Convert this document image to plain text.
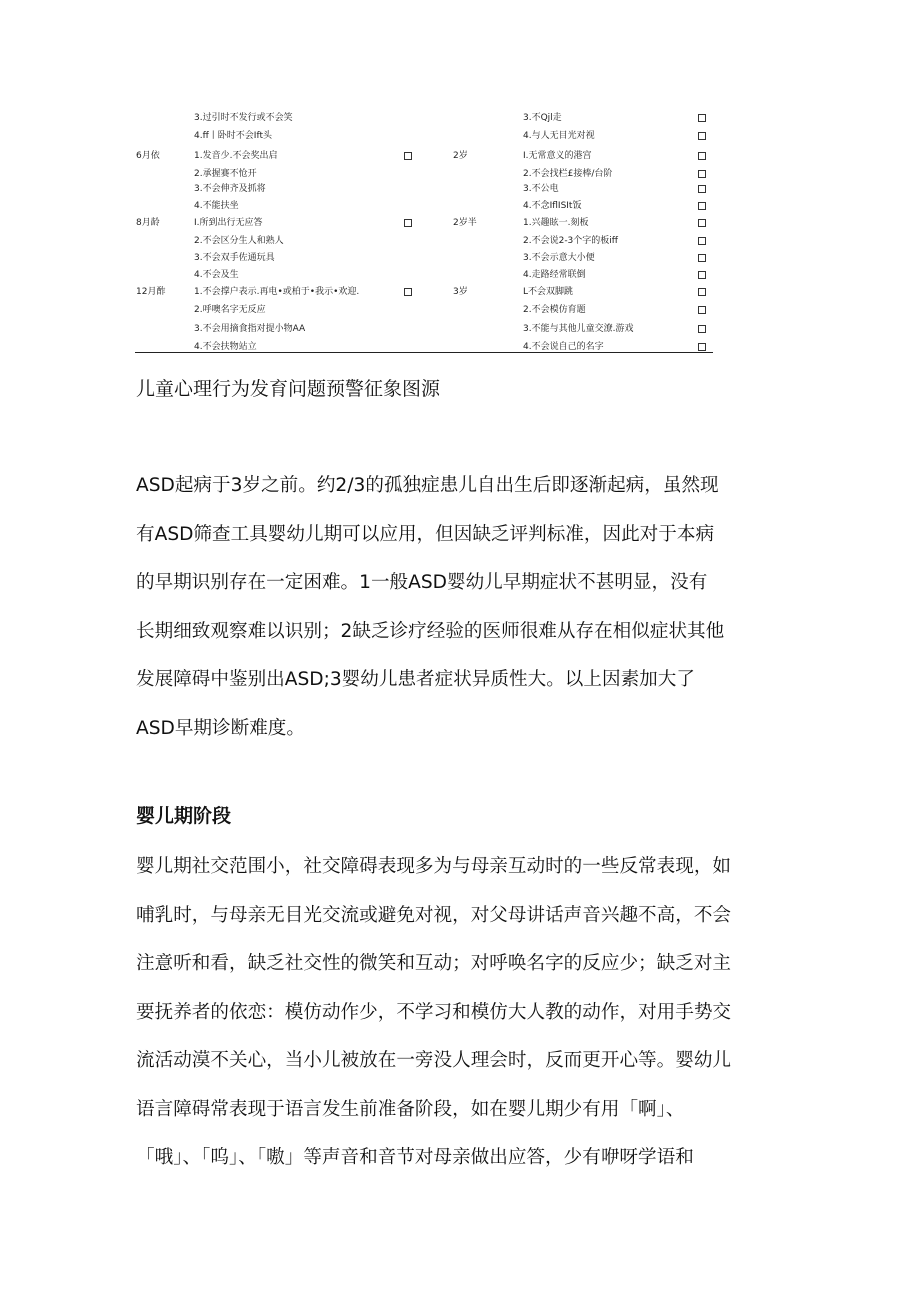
3.过引时不发行或不会笑	3.不Qjl走
4.ff丨卧时不会Ift头	4.与人无目光对视
6月依	1.发音少.不会奖出启	2岁	I.无常意义的港宫
2.承握赛不怆开	2.不会找栏£接棒/台阶
3.不会伸齐及抓将	3.不公电
4.不能扶坐	4.不念IflISIt饭
8月龄	I.所到出行无应答	2岁半	1.兴趣眩一.刻板
2.不会区分生人和熟人	2.不会说2-3个字的板iff
3.不会双手佐通玩具	3.不会示意大小便
4.不会及生	4.走路经常联倒
12月酢	1.不会撑户表示.再电•或柏于•我示•欢迎.	3岁	L不会双脚跳
2.呼噢名字无反应	2.不会模仿育题
3.不会用摘食指对提小物AA	3.不能与其他儿童交潦.游戏
4.不会扶物站立	4.不会说自己的名字
儿童心理行为发育问题预警征象图源
ASD起病于3岁之前。约2/3的孤独症患儿自出生后即逐渐起病，虽然现
有ASD筛查工具婴幼儿期可以应用，但因缺乏评判标准，因此对于本病
的早期识别存在一定困难。1一般ASD婴幼儿早期症状不甚明显，没有
长期细致观察难以识别；2缺乏诊疗经验的医师很难从存在相似症状其他
发展障碍中鉴别出ASD;3婴幼儿患者症状异质性大。以上因素加大了
ASD早期诊断难度。
婴儿期阶段
婴儿期社交范围小，社交障碍表现多为与母亲互动时的一些反常表现，如
哺乳时，与母亲无目光交流或避免对视，对父母讲话声音兴趣不高，不会
注意听和看，缺乏社交性的微笑和互动；对呼唤名字的反应少；缺乏对主
要抚养者的依恋：模仿动作少，不学习和模仿大人教的动作，对用手势交
流活动漠不关心，当小儿被放在一旁没人理会时，反而更开心等。婴幼儿
语言障碍常表现于语言发生前准备阶段，如在婴儿期少有用「啊」、
「哦」、「呜」、「嗷」等声音和音节对母亲做出应答，少有咿呀学语和
